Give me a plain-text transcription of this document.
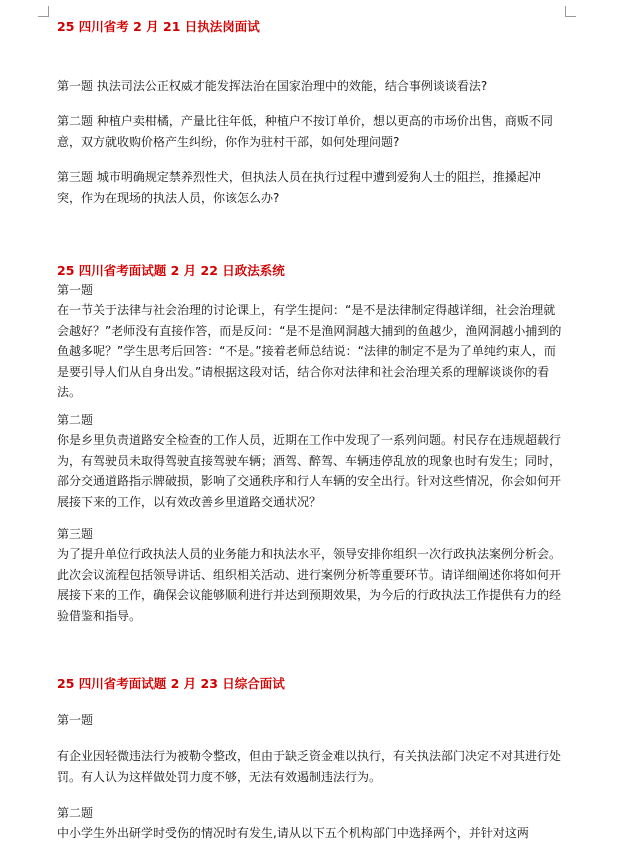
25 四川省考 2 月 21 日执法岗面试

第一题 执法司法公正权威才能发挥法治在国家治理中的效能，结合事例谈谈看法?

第二题 种植户卖柑橘，产量比往年低，种植户不按订单价，想以更高的市场价出售，商贩不同意，双方就收购价格产生纠纷，你作为驻村干部，如何处理问题?

第三题 城市明确规定禁养烈性犬，但执法人员在执行过程中遭到爱狗人士的阻拦，推搡起冲突，作为在现场的执法人员，你该怎么办?

25 四川省考面试题 2 月 22 日政法系统

第一题

在一节关于法律与社会治理的讨论课上，有学生提问：“是不是法律制定得越详细，社会治理就会越好？”老师没有直接作答，而是反问：“是不是渔网洞越大捕到的鱼越少，渔网洞越小捕到的鱼越多呢？”学生思考后回答：“不是。”接着老师总结说：“法律的制定不是为了单纯约束人，而是要引导人们从自身出发。”请根据这段对话，结合你对法律和社会治理关系的理解谈谈你的看法。

第二题

你是乡里负责道路安全检查的工作人员，近期在工作中发现了一系列问题。村民存在违规超载行为，有驾驶员未取得驾驶直接驾驶车辆；酒驾、醉驾、车辆违停乱放的现象也时有发生；同时，部分交通道路指示牌破损，影响了交通秩序和行人车辆的安全出行。针对这些情况，你会如何开展接下来的工作，以有效改善乡里道路交通状况？

第三题

为了提升单位行政执法人员的业务能力和执法水平，领导安排你组织一次行政执法案例分析会。此次会议流程包括领导讲话、组织相关活动、进行案例分析等重要环节。请详细阐述你将如何开展接下来的工作，确保会议能够顺利进行并达到预期效果，为今后的行政执法工作提供有力的经验借鉴和指导。

25 四川省考面试题 2 月 23 日综合面试

第一题

有企业因轻微违法行为被勒令整改，但由于缺乏资金难以执行，有关执法部门决定不对其进行处罚。有人认为这样做处罚力度不够，无法有效遏制违法行为。

第二题

中小学生外出研学时受伤的情况时有发生,请从以下五个机构部门中选择两个，并针对这两
